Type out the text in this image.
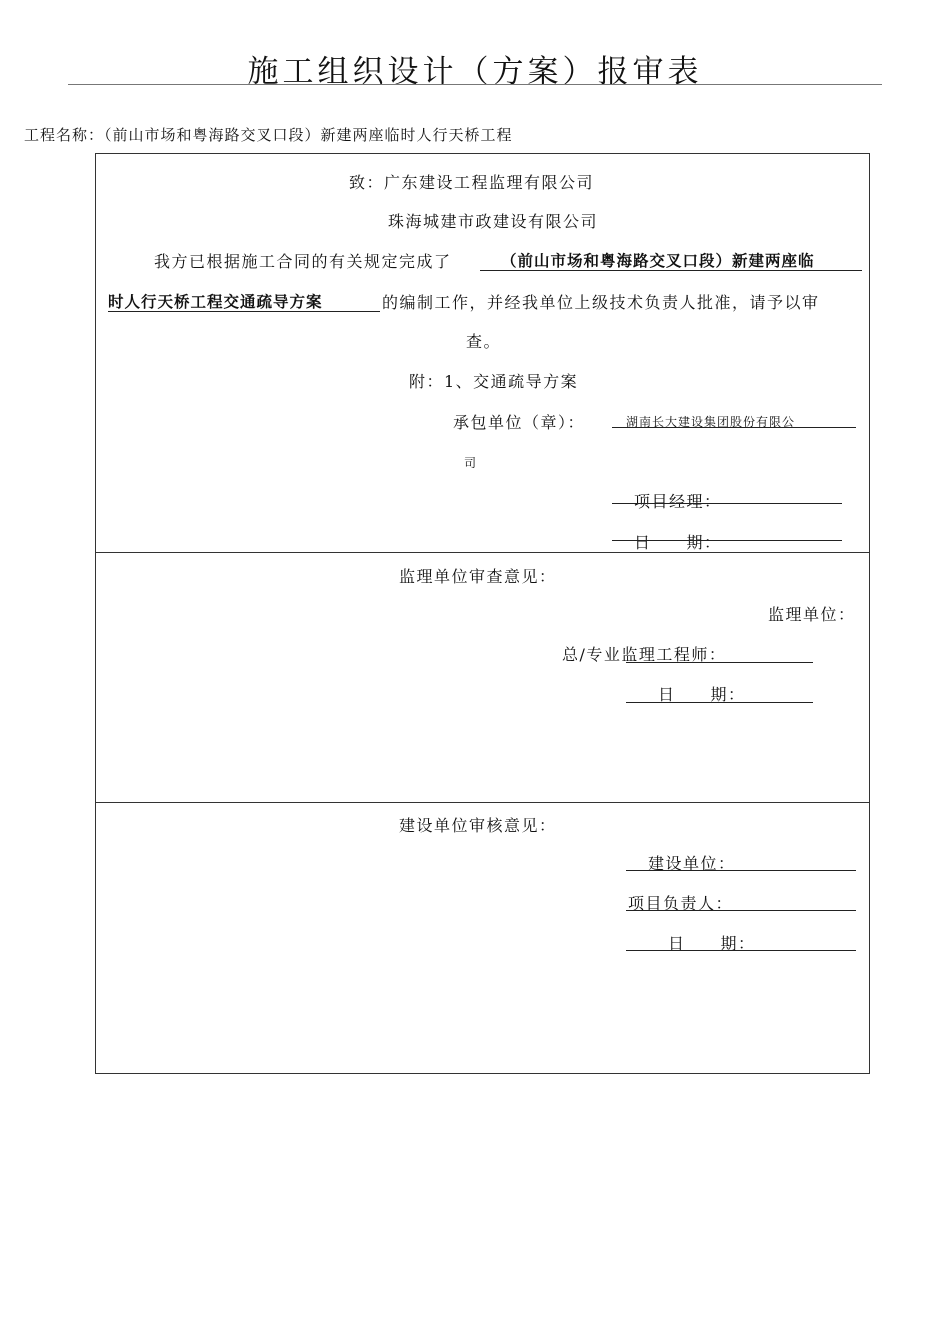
施工组织设计（方案）报审表
工程名称：（前山市场和粤海路交叉口段）新建两座临时人行天桥工程
致：广东建设工程监理有限公司
珠海城建市政建设有限公司
我方已根据施工合同的有关规定完成了	（前山市场和粤海路交叉口段）新建两座临
时人行天桥工程交通疏导方案	的编制工作，并经我单位上级技术负责人批准，请予以审
查。
附：1、交通疏导方案
承包单位（章）：	湖南长大建设集团股份有限公
司
项目经理：
日　　期：
监理单位审查意见：
监理单位：
总/专业监理工程师：
日　　期：
建设单位审核意见：
建设单位：
项目负责人：
日　　期：
